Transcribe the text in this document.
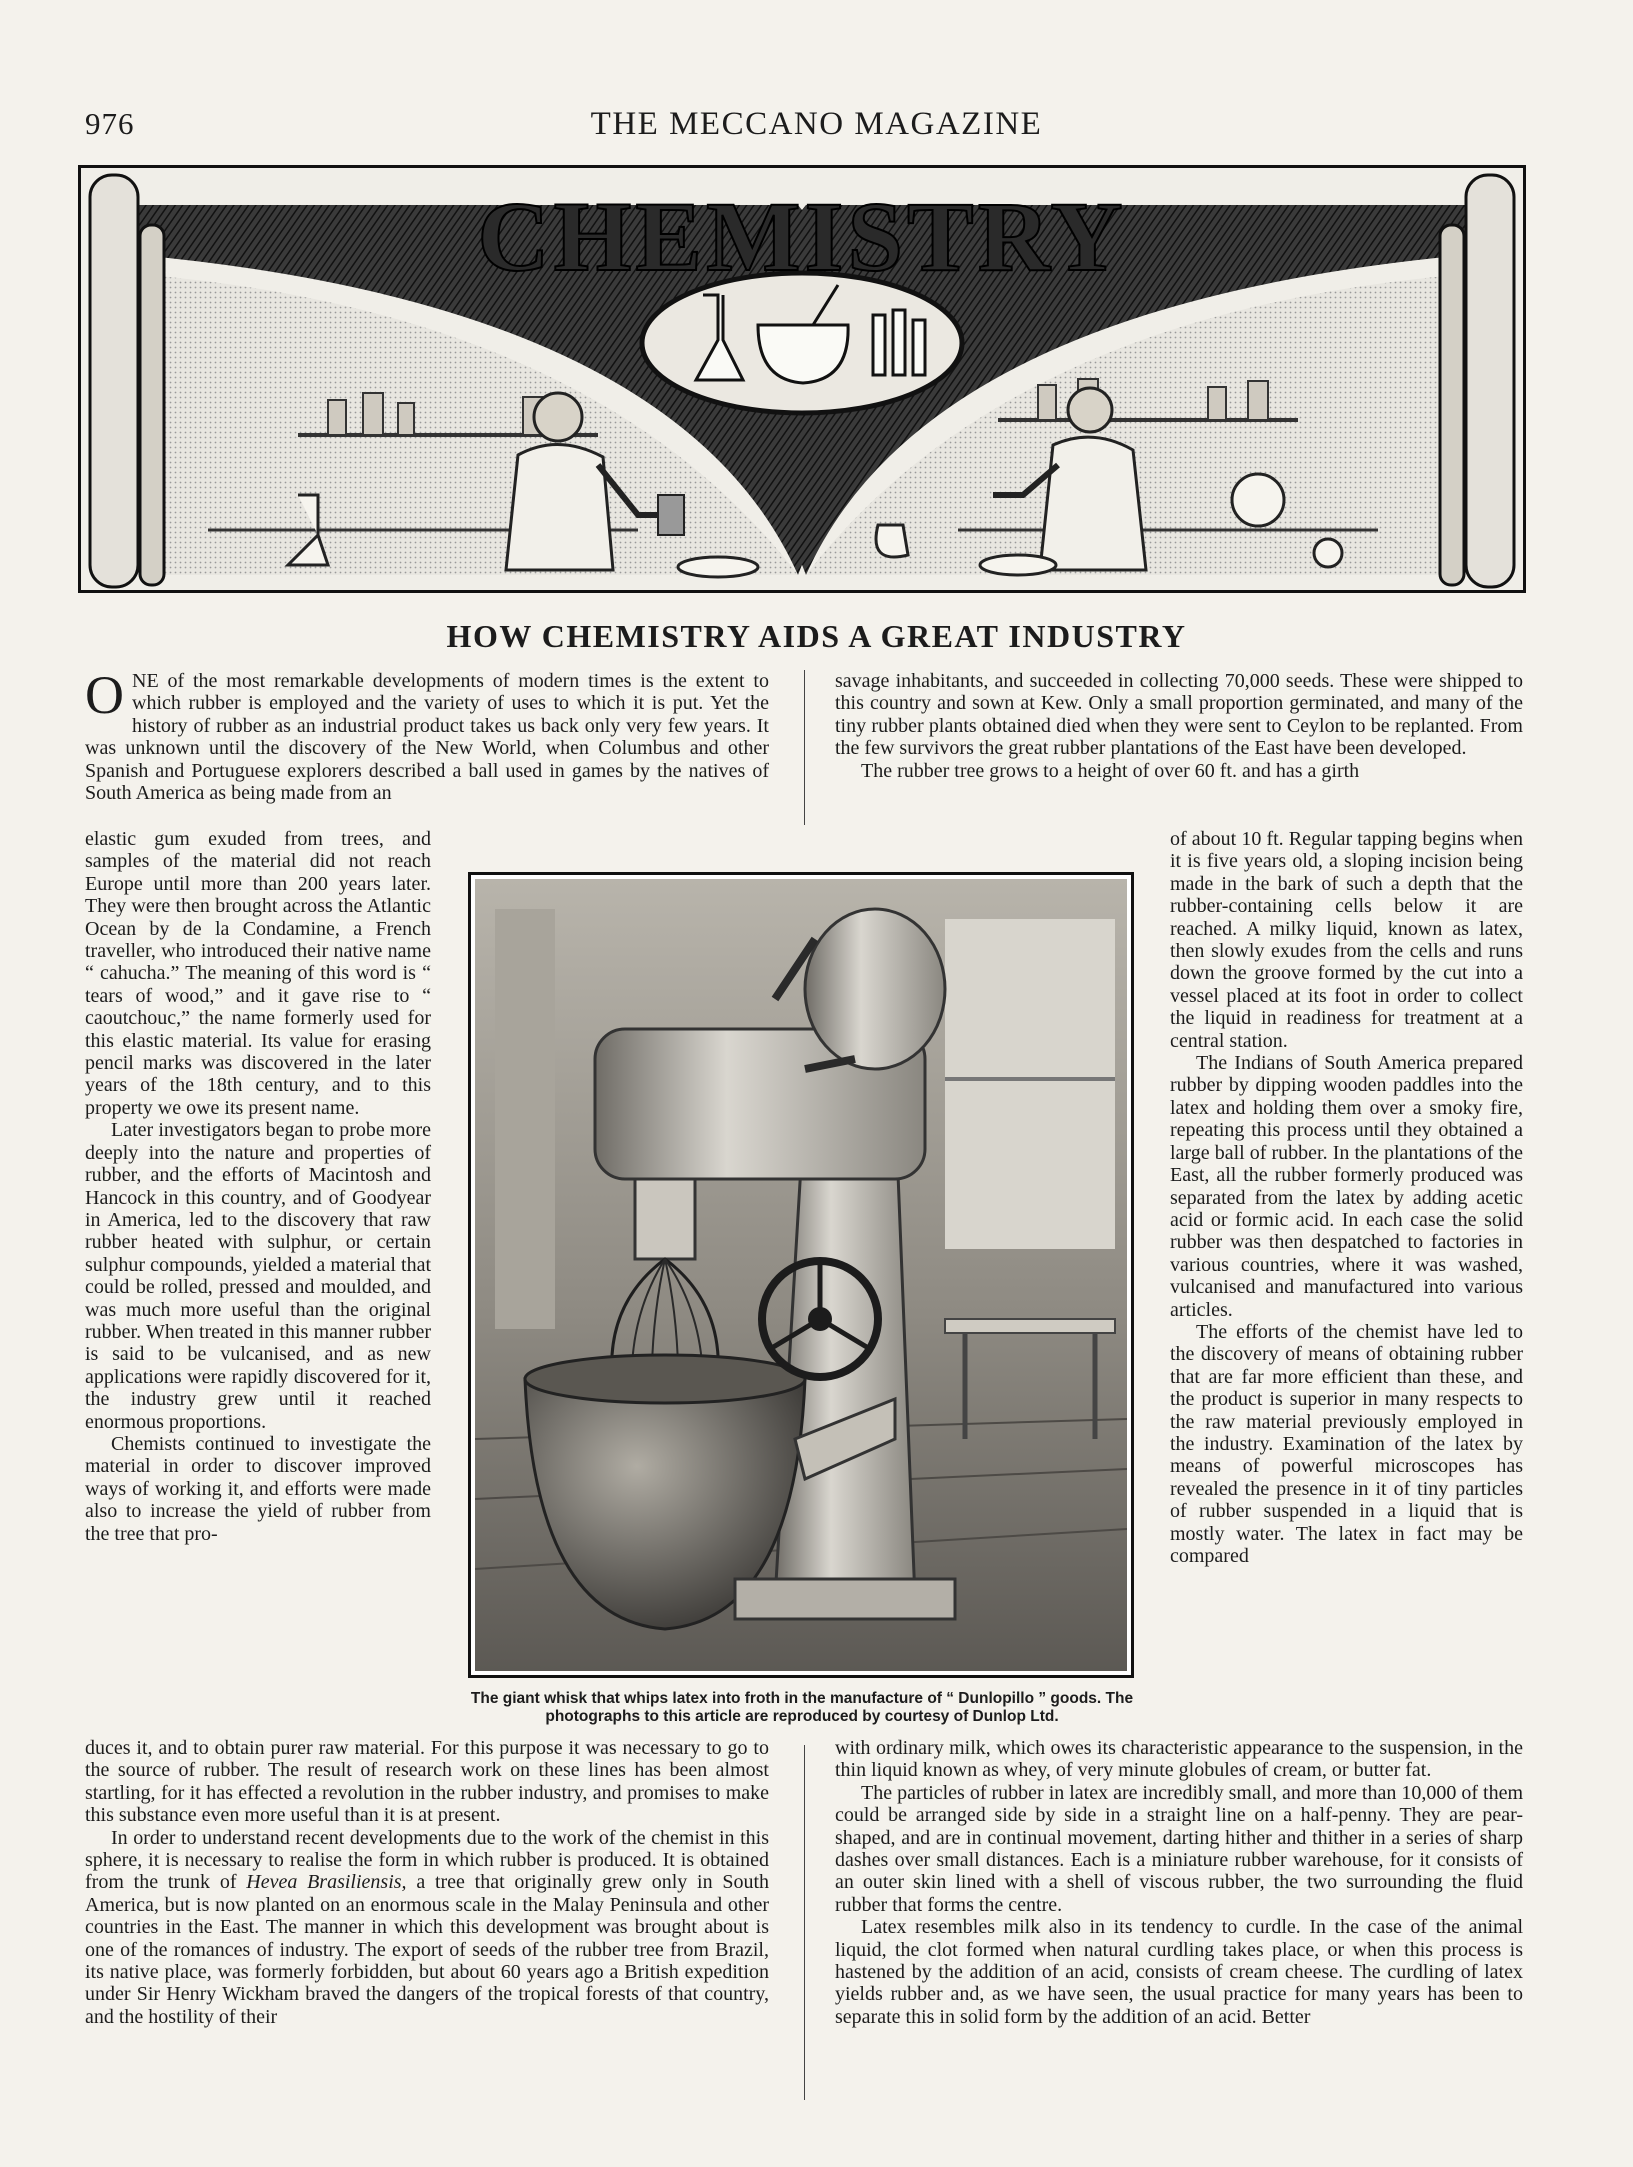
976	THE MECCANO MAGAZINE
CHEMISTRY
HOW CHEMISTRY AIDS A GREAT INDUSTRY

ONE of the most remarkable developments of modern times is the extent to which rubber is employed and the variety of uses to which it is put. Yet the history of rubber as an industrial product takes us back only very few years. It was unknown until the discovery of the New World, when Columbus and other Spanish and Portuguese explorers described a ball used in games by the natives of South America as being made from an

elastic gum exuded from trees, and samples of the material did not reach Europe until more than 200 years later. They were then brought across the Atlantic Ocean by de la Condamine, a French traveller, who introduced their native name “ cahucha.” The meaning of this word is “ tears of wood,” and it gave rise to “ caoutchouc,” the name formerly used for this elastic material. Its value for erasing pencil marks was discovered in the later years of the 18th century, and to this property we owe its present name.

Later investigators began to probe more deeply into the nature and properties of rubber, and the efforts of Macintosh and Hancock in this country, and of Goodyear in America, led to the discovery that raw rubber heated with sulphur, or certain sulphur compounds, yielded a material that could be rolled, pressed and moulded, and was much more useful than the original rubber. When treated in this manner rubber is said to be vulcanised, and as new applications were rapidly discovered for it, the industry grew until it reached enormous proportions.

Chemists continued to investigate the material in order to discover improved ways of working it, and efforts were made also to increase the yield of rubber from the tree that pro-

duces it, and to obtain purer raw material. For this purpose it was necessary to go to the source of rubber. The result of research work on these lines has been almost startling, for it has effected a revolution in the rubber industry, and promises to make this substance even more useful than it is at present.

In order to understand recent developments due to the work of the chemist in this sphere, it is necessary to realise the form in which rubber is produced. It is obtained from the trunk of Hevea Brasiliensis, a tree that originally grew only in South America, but is now planted on an enormous scale in the Malay Peninsula and other countries in the East. The manner in which this development was brought about is one of the romances of industry. The export of seeds of the rubber tree from Brazil, its native place, was formerly forbidden, but about 60 years ago a British expedition under Sir Henry Wickham braved the dangers of the tropical forests of that country, and the hostility of their

savage inhabitants, and succeeded in collecting 70,000 seeds. These were shipped to this country and sown at Kew. Only a small proportion germinated, and many of the tiny rubber plants obtained died when they were sent to Ceylon to be replanted. From the few survivors the great rubber plantations of the East have been developed.

The rubber tree grows to a height of over 60 ft. and has a girth

of about 10 ft. Regular tapping begins when it is five years old, a sloping incision being made in the bark of such a depth that the rubber-containing cells below it are reached. A milky liquid, known as latex, then slowly exudes from the cells and runs down the groove formed by the cut into a vessel placed at its foot in order to collect the liquid in readiness for treatment at a central station.

The Indians of South America prepared rubber by dipping wooden paddles into the latex and holding them over a smoky fire, repeating this process until they obtained a large ball of rubber. In the plantations of the East, all the rubber formerly produced was separated from the latex by adding acetic acid or formic acid. In each case the solid rubber was then despatched to factories in various countries, where it was washed, vulcanised and manufactured into various articles.

The efforts of the chemist have led to the discovery of means of obtaining rubber that are far more efficient than these, and the product is superior in many respects to the raw material previously employed in the industry. Examination of the latex by means of powerful microscopes has revealed the presence in it of tiny particles of rubber suspended in a liquid that is mostly water. The latex in fact may be compared

with ordinary milk, which owes its characteristic appearance to the suspension, in the thin liquid known as whey, of very minute globules of cream, or butter fat.

The particles of rubber in latex are incredibly small, and more than 10,000 of them could be arranged side by side in a straight line on a half-penny. They are pear-shaped, and are in continual movement, darting hither and thither in a series of sharp dashes over small distances. Each is a miniature rubber warehouse, for it consists of an outer skin lined with a shell of viscous rubber, the two surrounding the fluid rubber that forms the centre.

Latex resembles milk also in its tendency to curdle. In the case of the animal liquid, the clot formed when natural curdling takes place, or when this process is hastened by the addition of an acid, consists of cream cheese. The curdling of latex yields rubber and, as we have seen, the usual practice for many years has been to separate this in solid form by the addition of an acid. Better

The giant whisk that whips latex into froth in the manufacture of “ Dunlopillo ” goods. The photographs to this article are reproduced by courtesy of Dunlop Ltd.
